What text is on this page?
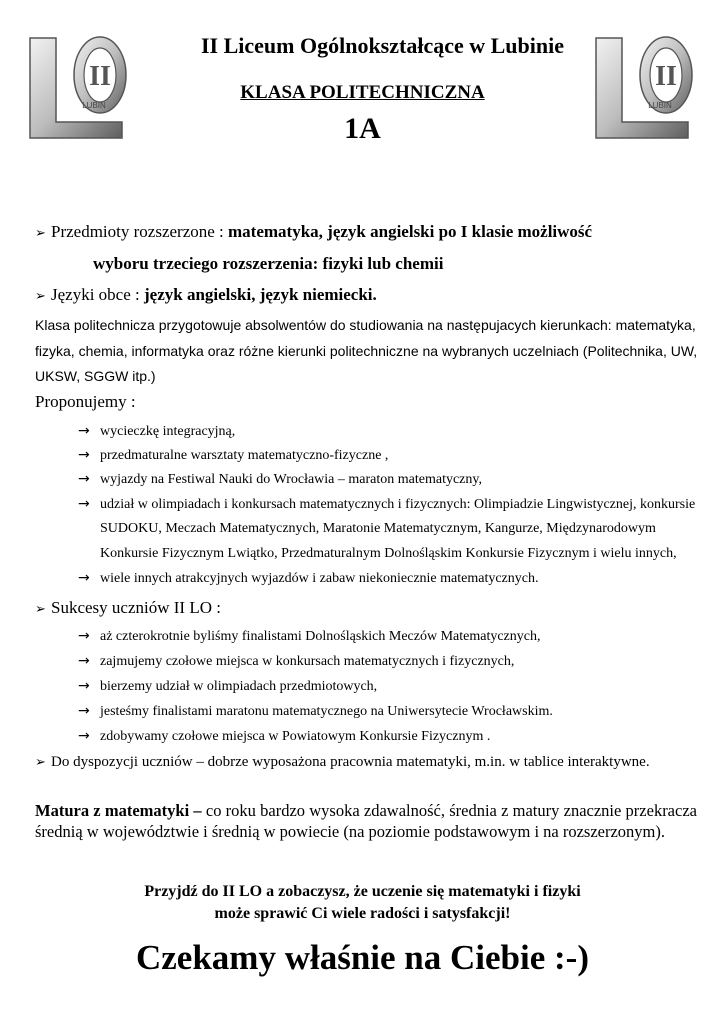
II
LUBIN
II
LUBIN
II Liceum Ogólnokształcące w Lubinie
KLASA POLITECHNICZNA
1A
➢ Przedmioty rozszerzone : matematyka, język angielski po I klasie możliwość
wyboru trzeciego rozszerzenia: fizyki lub chemii
➢ Języki obce : język angielski, język niemiecki.
Klasa politechnicza przygotowuje absolwentów do studiowania na następujacych kierunkach: matematyka,
fizyka, chemia, informatyka oraz różne kierunki politechniczne na wybranych uczelniach (Politechnika, UW,
UKSW, SGGW itp.)
Proponujemy :
→ wycieczkę integracyjną,
→ przedmaturalne warsztaty matematyczno-fizyczne ,
→ wyjazdy na Festiwal Nauki do Wrocławia – maraton matematyczny,
→ udział w olimpiadach i konkursach matematycznych i fizycznych: Olimpiadzie Lingwistycznej, konkursie
SUDOKU, Meczach Matematycznych, Maratonie Matematycznym, Kangurze, Międzynarodowym
Konkursie Fizycznym Lwiątko, Przedmaturalnym Dolnośląskim Konkursie Fizycznym i wielu innych,
→ wiele innych atrakcyjnych wyjazdów i zabaw niekoniecznie matematycznych.
➢ Sukcesy uczniów II LO :
→ aż czterokrotnie byliśmy finalistami Dolnośląskich Meczów Matematycznych,
→ zajmujemy czołowe miejsca w konkursach matematycznych i fizycznych,
→ bierzemy udział w olimpiadach przedmiotowych,
→ jesteśmy finalistami maratonu matematycznego na Uniwersytecie Wrocławskim.
→ zdobywamy czołowe miejsca w Powiatowym Konkursie Fizycznym .
➢ Do dyspozycji uczniów – dobrze wyposażona pracownia matematyki, m.in. w tablice interaktywne.
Matura z matematyki – co roku bardzo wysoka zdawalność, średnia z matury znacznie przekracza średnią w województwie i średnią w powiecie (na poziomie podstawowym i na rozszerzonym).
Przyjdź do II LO a zobaczysz, że uczenie się matematyki i fizyki
może sprawić Ci wiele radości i satysfakcji!
Czekamy właśnie na Ciebie :-)
